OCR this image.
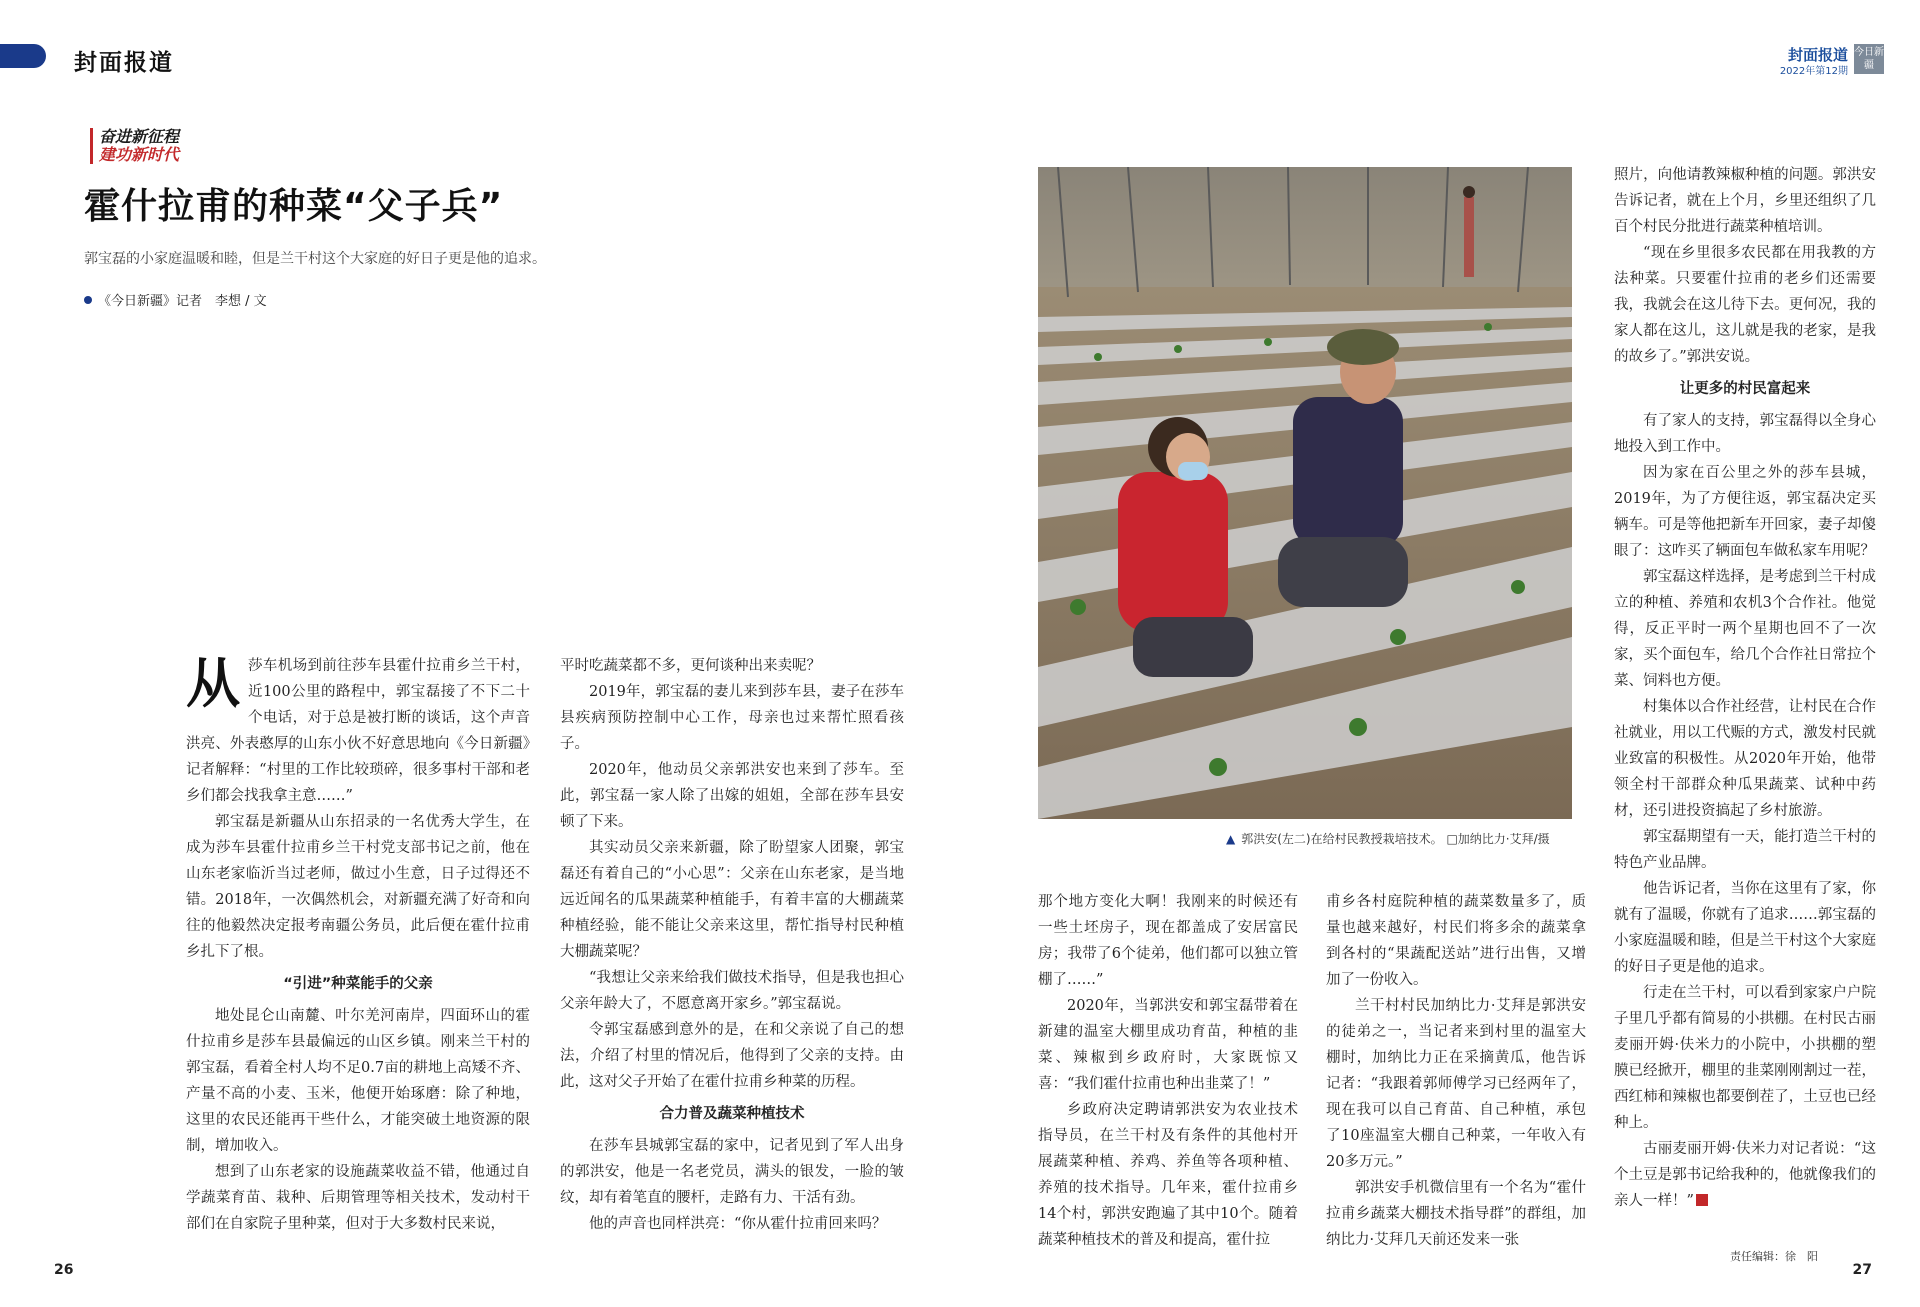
封面报道	封面报道
2022年第12期
今日新疆
奋进新征程
建功新时代
霍什拉甫的种菜“父子兵”
郭宝磊的小家庭温暖和睦，但是兰干村这个大家庭的好日子更是他的追求。
《今日新疆》记者　李想 / 文

从莎车机场到前往莎车县霍什拉甫乡兰干村，近100公里的路程中，郭宝磊接了不下二十个电话，对于总是被打断的谈话，这个声音洪亮、外表憨厚的山东小伙不好意思地向《今日新疆》记者解释：“村里的工作比较琐碎，很多事村干部和老乡们都会找我拿主意……”

郭宝磊是新疆从山东招录的一名优秀大学生，在成为莎车县霍什拉甫乡兰干村党支部书记之前，他在山东老家临沂当过老师，做过小生意，日子过得还不错。2018年，一次偶然机会，对新疆充满了好奇和向往的他毅然决定报考南疆公务员，此后便在霍什拉甫乡扎下了根。

“引进”种菜能手的父亲

地处昆仑山南麓、叶尔羌河南岸，四面环山的霍什拉甫乡是莎车县最偏远的山区乡镇。刚来兰干村的郭宝磊，看着全村人均不足0.7亩的耕地上高矮不齐、产量不高的小麦、玉米，他便开始琢磨：除了种地，这里的农民还能再干些什么，才能突破土地资源的限制，增加收入。

想到了山东老家的设施蔬菜收益不错，他通过自学蔬菜育苗、栽种、后期管理等相关技术，发动村干部们在自家院子里种菜，但对于大多数村民来说，

平时吃蔬菜都不多，更何谈种出来卖呢？

2019年，郭宝磊的妻儿来到莎车县，妻子在莎车县疾病预防控制中心工作，母亲也过来帮忙照看孩子。

2020年，他动员父亲郭洪安也来到了莎车。至此，郭宝磊一家人除了出嫁的姐姐，全部在莎车县安顿了下来。

其实动员父亲来新疆，除了盼望家人团聚，郭宝磊还有着自己的“小心思”：父亲在山东老家，是当地远近闻名的瓜果蔬菜种植能手，有着丰富的大棚蔬菜种植经验，能不能让父亲来这里，帮忙指导村民种植大棚蔬菜呢？

“我想让父亲来给我们做技术指导，但是我也担心父亲年龄大了，不愿意离开家乡。”郭宝磊说。

令郭宝磊感到意外的是，在和父亲说了自己的想法，介绍了村里的情况后，他得到了父亲的支持。由此，这对父子开始了在霍什拉甫乡种菜的历程。

合力普及蔬菜种植技术

在莎车县城郭宝磊的家中，记者见到了军人出身的郭洪安，他是一名老党员，满头的银发，一脸的皱纹，却有着笔直的腰杆，走路有力、干活有劲。

他的声音也同样洪亮：“你从霍什拉甫回来吗？

▲ 郭洪安(左二)在给村民教授栽培技术。 □加纳比力·艾拜/摄

那个地方变化大啊！我刚来的时候还有一些土坯房子，现在都盖成了安居富民房；我带了6个徒弟，他们都可以独立管棚了……”

2020年，当郭洪安和郭宝磊带着在新建的温室大棚里成功育苗，种植的韭菜、辣椒到乡政府时，大家既惊又喜：“我们霍什拉甫也种出韭菜了！”

乡政府决定聘请郭洪安为农业技术指导员，在兰干村及有条件的其他村开展蔬菜种植、养鸡、养鱼等各项种植、养殖的技术指导。几年来，霍什拉甫乡14个村，郭洪安跑遍了其中10个。随着蔬菜种植技术的普及和提高，霍什拉

甫乡各村庭院种植的蔬菜数量多了，质量也越来越好，村民们将多余的蔬菜拿到各村的“果蔬配送站”进行出售，又增加了一份收入。

兰干村村民加纳比力·艾拜是郭洪安的徒弟之一，当记者来到村里的温室大棚时，加纳比力正在采摘黄瓜，他告诉记者：“我跟着郭师傅学习已经两年了，现在我可以自己育苗、自己种植，承包了10座温室大棚自己种菜，一年收入有20多万元。”

郭洪安手机微信里有一个名为“霍什拉甫乡蔬菜大棚技术指导群”的群组，加纳比力·艾拜几天前还发来一张

照片，向他请教辣椒种植的问题。郭洪安告诉记者，就在上个月，乡里还组织了几百个村民分批进行蔬菜种植培训。

“现在乡里很多农民都在用我教的方法种菜。只要霍什拉甫的老乡们还需要我，我就会在这儿待下去。更何况，我的家人都在这儿，这儿就是我的老家，是我的故乡了。”郭洪安说。

让更多的村民富起来

有了家人的支持，郭宝磊得以全身心地投入到工作中。

因为家在百公里之外的莎车县城，2019年，为了方便往返，郭宝磊决定买辆车。可是等他把新车开回家，妻子却傻眼了：这咋买了辆面包车做私家车用呢？

郭宝磊这样选择，是考虑到兰干村成立的种植、养殖和农机3个合作社。他觉得，反正平时一两个星期也回不了一次家，买个面包车，给几个合作社日常拉个菜、饲料也方便。

村集体以合作社经营，让村民在合作社就业，用以工代赈的方式，激发村民就业致富的积极性。从2020年开始，他带领全村干部群众种瓜果蔬菜、试种中药材，还引进投资搞起了乡村旅游。

郭宝磊期望有一天，能打造兰干村的特色产业品牌。

他告诉记者，当你在这里有了家，你就有了温暖，你就有了追求……郭宝磊的小家庭温暖和睦，但是兰干村这个大家庭的好日子更是他的追求。

行走在兰干村，可以看到家家户户院子里几乎都有简易的小拱棚。在村民古丽麦丽开姆·伕米力的小院中，小拱棚的塑膜已经掀开，棚里的韭菜刚刚割过一茬，西红柿和辣椒也都要倒茬了，土豆也已经种上。

古丽麦丽开姆·伕米力对记者说：“这个土豆是郭书记给我种的，他就像我们的亲人一样！”

26	27
责任编辑：徐　阳
